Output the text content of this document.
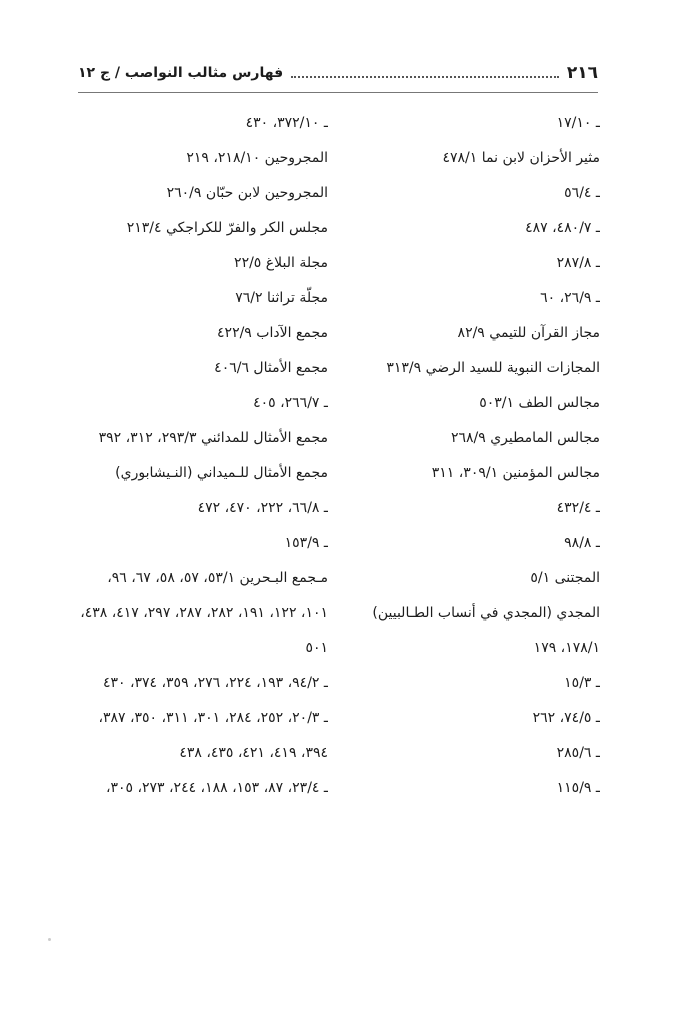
٢١٦
فهارس مثالب النواصب / ج ١٢
ـ ١٧/١٠
مثير الأحزان لابن نما ٤٧٨/١
ـ ٥٦/٤
ـ ٤٨٠/٧، ٤٨٧
ـ ٢٨٧/٨
ـ ٢٦/٩، ٦٠
مجاز القرآن للتيمي ٨٢/٩
المجازات النبوية للسيد الرضي ٣١٣/٩
مجالس الطف ٥٠٣/١
مجالس المامطيري ٢٦٨/٩
مجالس المؤمنين ٣٠٩/١، ٣١١
ـ ٤٣٢/٤
ـ ٩٨/٨
المجتنى ٥/١
المجدي (المجدي في أنساب الطـالبيين)
١٧٨/١، ١٧٩
ـ ١٥/٣
ـ ٧٤/٥، ٢٦٢
ـ ٢٨٥/٦
ـ ١١٥/٩
ـ ٣٧٢/١٠، ٤٣٠
المجروحين ٢١٨/١٠، ٢١٩
المجروحين لابن حبّان ٢٦٠/٩
مجلس الكر والفرّ للكراجكي ٢١٣/٤
مجلة البلاغ ٢٢/٥
مجلّة تراثنا ٧٦/٢
مجمع الآداب ٤٢٢/٩
مجمع الأمثال ٤٠٦/٦
ـ ٢٦٦/٧، ٤٠٥
مجمع الأمثال للمدائني ٢٩٣/٣، ٣١٢، ٣٩٢
مجمع الأمثال للـميداني (النـيشابوري)
ـ ٦٦/٨، ٢٢٢، ٤٧٠، ٤٧٢
ـ ١٥٣/٩
مـجمع البـحرين ٥٣/١، ٥٧، ٥٨، ٦٧، ٩٦،
١٠١، ١٢٢، ١٩١، ٢٨٢، ٢٨٧، ٢٩٧، ٤١٧، ٤٣٨،
٥٠١
ـ ٩٤/٢، ١٩٣، ٢٢٤، ٢٧٦، ٣٥٩، ٣٧٤، ٤٣٠
ـ ٢٠/٣، ٢٥٢، ٢٨٤، ٣٠١، ٣١١، ٣٥٠، ٣٨٧،
٣٩٤، ٤١٩، ٤٢١، ٤٣٥، ٤٣٨
ـ ٢٣/٤، ٨٧، ١٥٣، ١٨٨، ٢٤٤، ٢٧٣، ٣٠٥،
